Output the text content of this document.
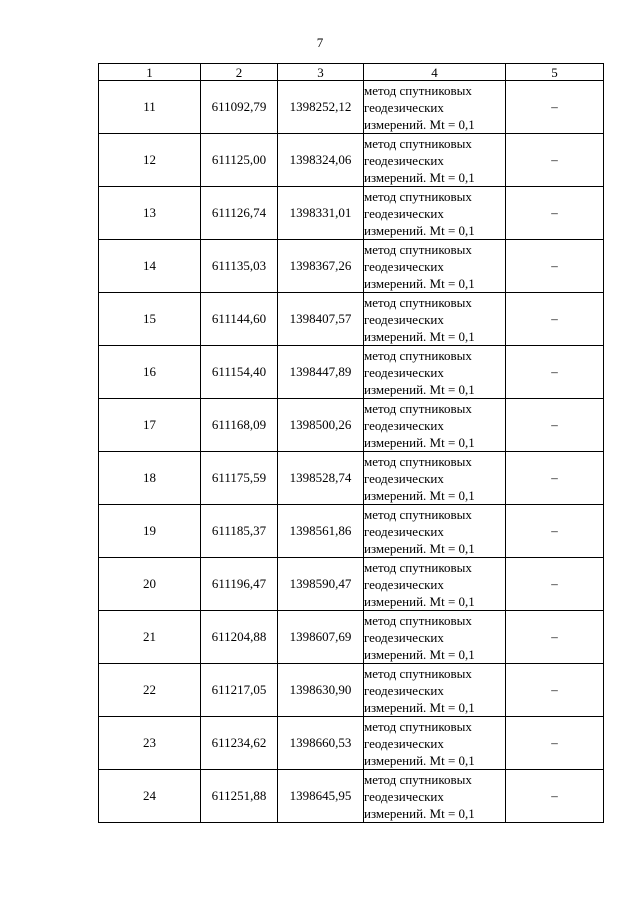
7
1	2	3	4	5
11	611092,79	1398252,12	метод спутниковых
геодезических
измерений. Mt = 0,1	–
12	611125,00	1398324,06	метод спутниковых
геодезических
измерений. Mt = 0,1	–
13	611126,74	1398331,01	метод спутниковых
геодезических
измерений. Mt = 0,1	–
14	611135,03	1398367,26	метод спутниковых
геодезических
измерений. Mt = 0,1	–
15	611144,60	1398407,57	метод спутниковых
геодезических
измерений. Mt = 0,1	–
16	611154,40	1398447,89	метод спутниковых
геодезических
измерений. Mt = 0,1	–
17	611168,09	1398500,26	метод спутниковых
геодезических
измерений. Mt = 0,1	–
18	611175,59	1398528,74	метод спутниковых
геодезических
измерений. Mt = 0,1	–
19	611185,37	1398561,86	метод спутниковых
геодезических
измерений. Mt = 0,1	–
20	611196,47	1398590,47	метод спутниковых
геодезических
измерений. Mt = 0,1	–
21	611204,88	1398607,69	метод спутниковых
геодезических
измерений. Mt = 0,1	–
22	611217,05	1398630,90	метод спутниковых
геодезических
измерений. Mt = 0,1	–
23	611234,62	1398660,53	метод спутниковых
геодезических
измерений. Mt = 0,1	–
24	611251,88	1398645,95	метод спутниковых
геодезических
измерений. Mt = 0,1	–
